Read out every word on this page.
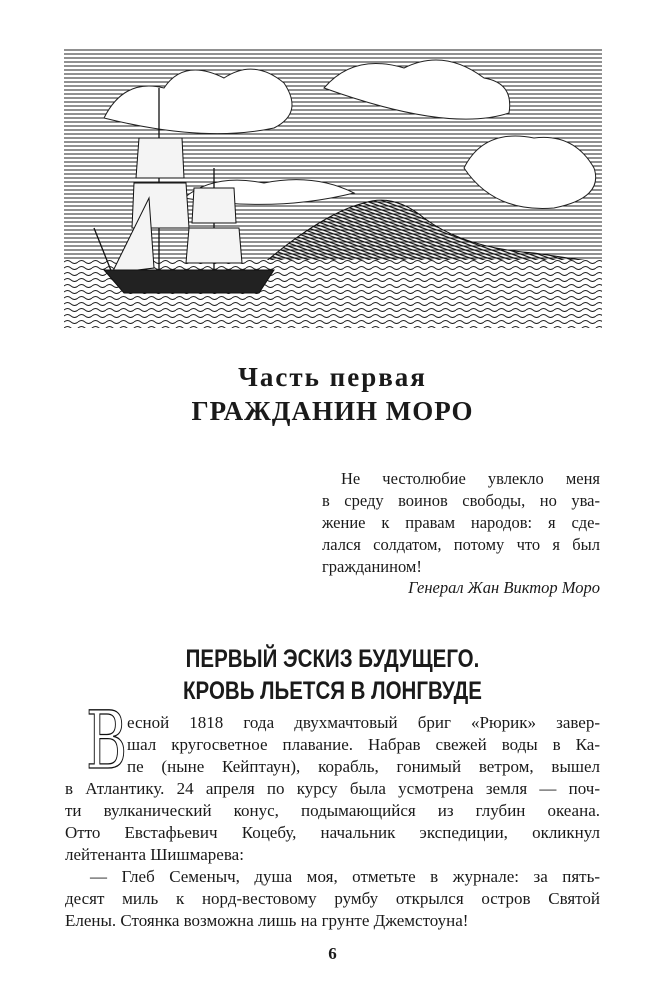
Часть первая
ГРАЖДАНИН МОРО
Не честолюбие увлекло меня
в среду воинов свободы, но ува-
жение к правам народов: я сде-
лался солдатом, потому что я был
гражданином!
Генерал Жан Виктор Моро
ПЕРВЫЙ ЭСКИЗ БУДУЩЕГО.
КРОВЬ ЛЬЕТСЯ В ЛОНГВУДЕ
В есной 1818 года двухмачтовый бриг «Рюрик» завер-
шал кругосветное плавание. Набрав свежей воды в Ка-
пе (ныне Кейптаун), корабль, гонимый ветром, вышел
в Атлантику. 24 апреля по курсу была усмотрена земля — поч-
ти вулканический конус, подымающийся из глубин океана.
Отто Евстафьевич Коцебу, начальник экспедиции, окликнул
лейтенанта Шишмарева:
— Глеб Семеныч, душа моя, отметьте в журнале: за пять-
десят миль к норд-вестовому румбу открылся остров Святой
Елены. Стоянка возможна лишь на грунте Джемстоуна!
6
